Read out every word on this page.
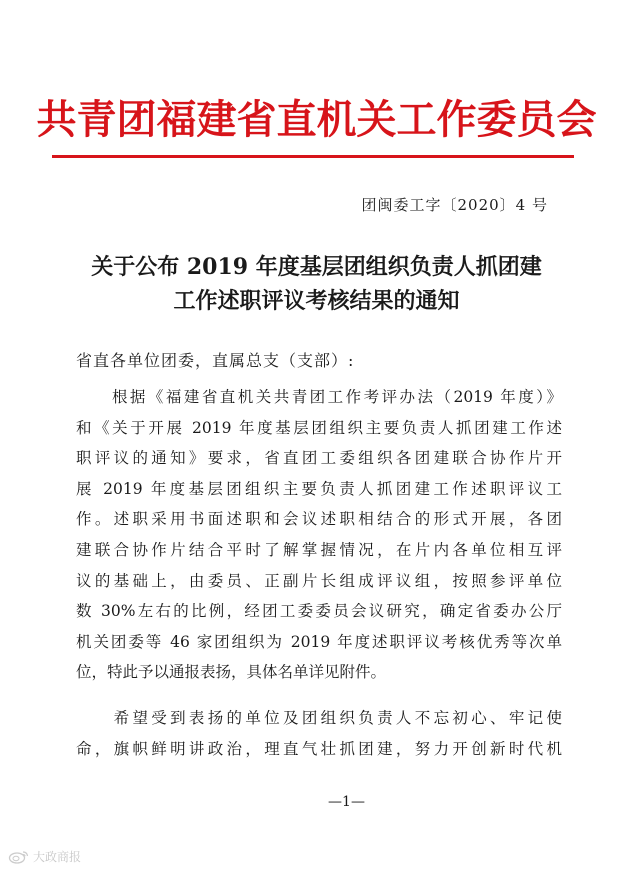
共青团福建省直机关工作委员会
团闽委工字〔2020〕4 号
关于公布 2019 年度基层团组织负责人抓团建
工作述职评议考核结果的通知
省直各单位团委，直属总支（支部）:
　　根据《福建省直机关共青团工作考评办法（2019 年度）》
和《关于开展 2019 年度基层团组织主要负责人抓团建工作述
职评议的通知》要求，省直团工委组织各团建联合协作片开
展 2019 年度基层团组织主要负责人抓团建工作述职评议工
作。述职采用书面述职和会议述职相结合的形式开展，各团
建联合协作片结合平时了解掌握情况，在片内各单位相互评
议的基础上，由委员、正副片长组成评议组，按照参评单位
数 30%左右的比例，经团工委委员会议研究，确定省委办公厅
机关团委等 46 家团组织为 2019 年度述职评议考核优秀等次单
位，特此予以通报表扬，具体名单详见附件。
　　希望受到表扬的单位及团组织负责人不忘初心、牢记使
命，旗帜鲜明讲政治，理直气壮抓团建，努力开创新时代机
—1—
大政商报
